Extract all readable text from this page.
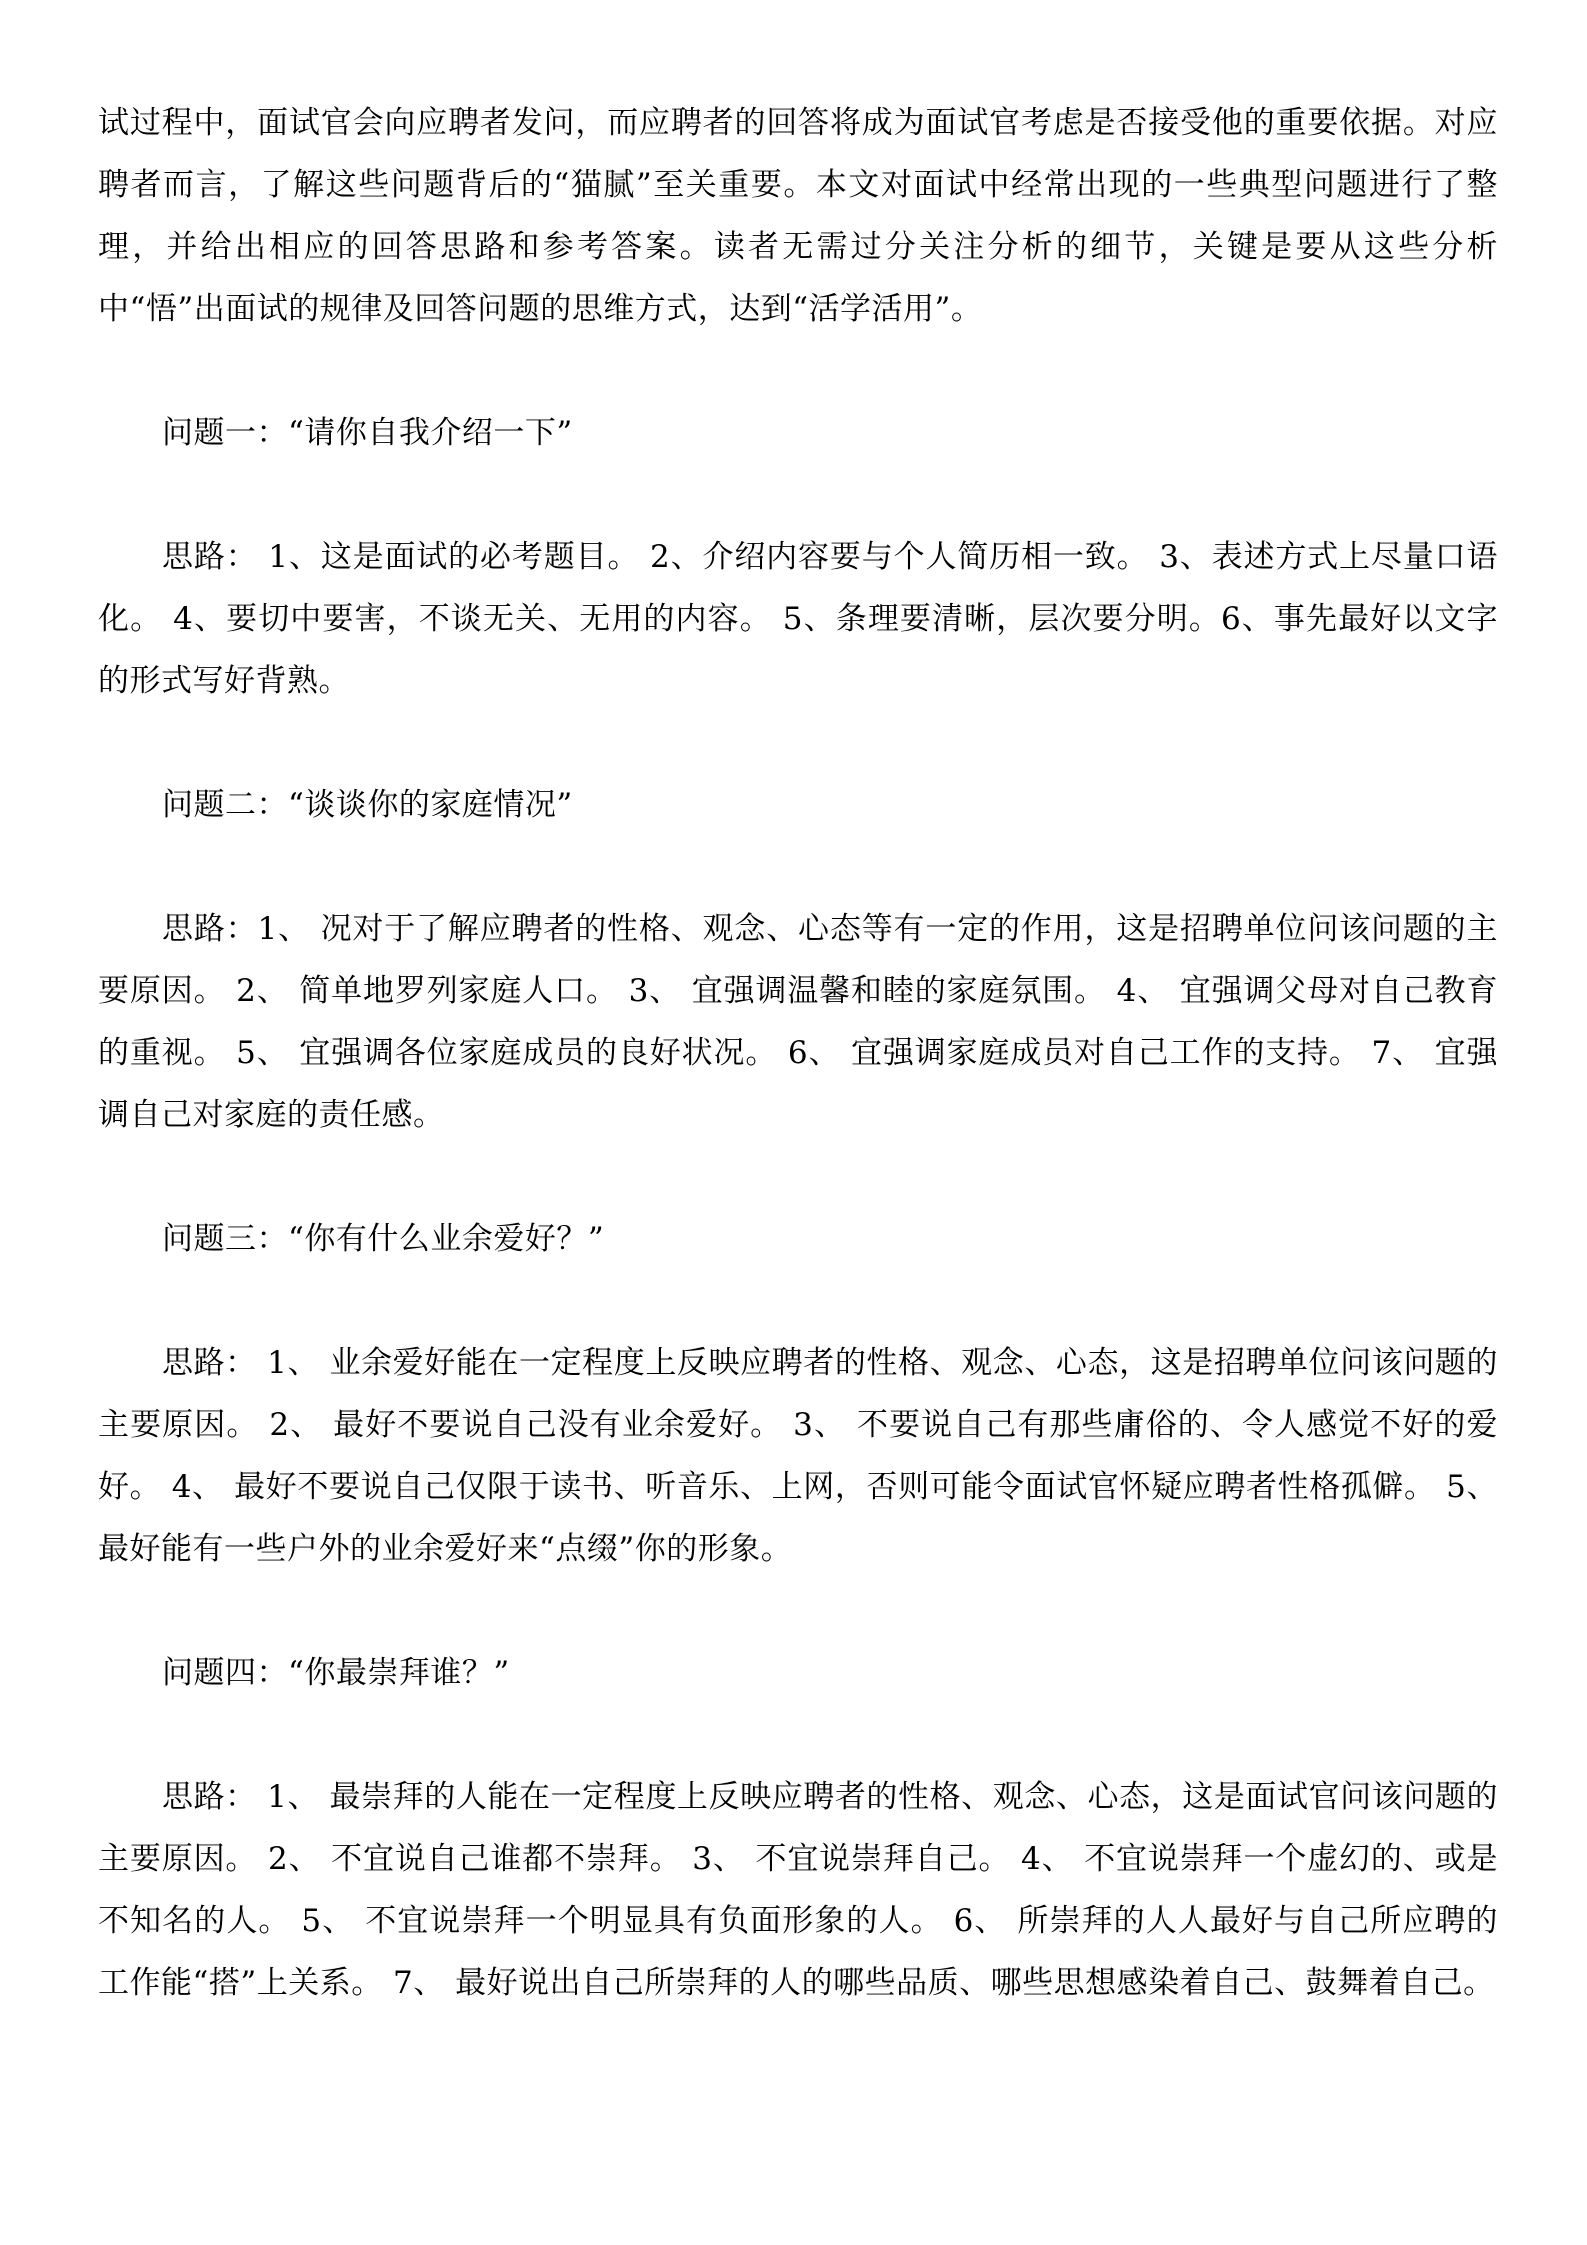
试过程中，面试官会向应聘者发问，而应聘者的回答将成为面试官考虑是否接受他的重要依据。对应聘者而言，了解这些问题背后的“猫腻”至关重要。本文对面试中经常出现的一些典型问题进行了整理，并给出相应的回答思路和参考答案。读者无需过分关注分析的细节，关键是要从这些分析中“悟”出面试的规律及回答问题的思维方式，达到“活学活用”。

问题一：“请你自我介绍一下”

思路： 1、这是面试的必考题目。 2、介绍内容要与个人简历相一致。 3、表述方式上尽量口语化。 4、要切中要害，不谈无关、无用的内容。 5、条理要清晰，层次要分明。6、事先最好以文字的形式写好背熟。

问题二：“谈谈你的家庭情况”

思路：1、 况对于了解应聘者的性格、观念、心态等有一定的作用，这是招聘单位问该问题的主要原因。 2、 简单地罗列家庭人口。 3、 宜强调温馨和睦的家庭氛围。 4、 宜强调父母对自己教育的重视。 5、 宜强调各位家庭成员的良好状况。 6、 宜强调家庭成员对自己工作的支持。 7、 宜强调自己对家庭的责任感。

问题三：“你有什么业余爱好？”

思路： 1、 业余爱好能在一定程度上反映应聘者的性格、观念、心态，这是招聘单位问该问题的主要原因。 2、 最好不要说自己没有业余爱好。 3、 不要说自己有那些庸俗的、令人感觉不好的爱好。 4、 最好不要说自己仅限于读书、听音乐、上网，否则可能令面试官怀疑应聘者性格孤僻。 5、最好能有一些户外的业余爱好来“点缀”你的形象。

问题四：“你最崇拜谁？”

思路： 1、 最崇拜的人能在一定程度上反映应聘者的性格、观念、心态，这是面试官问该问题的主要原因。 2、 不宜说自己谁都不崇拜。 3、 不宜说崇拜自己。 4、 不宜说崇拜一个虚幻的、或是不知名的人。 5、 不宜说崇拜一个明显具有负面形象的人。 6、 所崇拜的人人最好与自己所应聘的工作能“搭”上关系。 7、 最好说出自己所崇拜的人的哪些品质、哪些思想感染着自己、鼓舞着自己。
